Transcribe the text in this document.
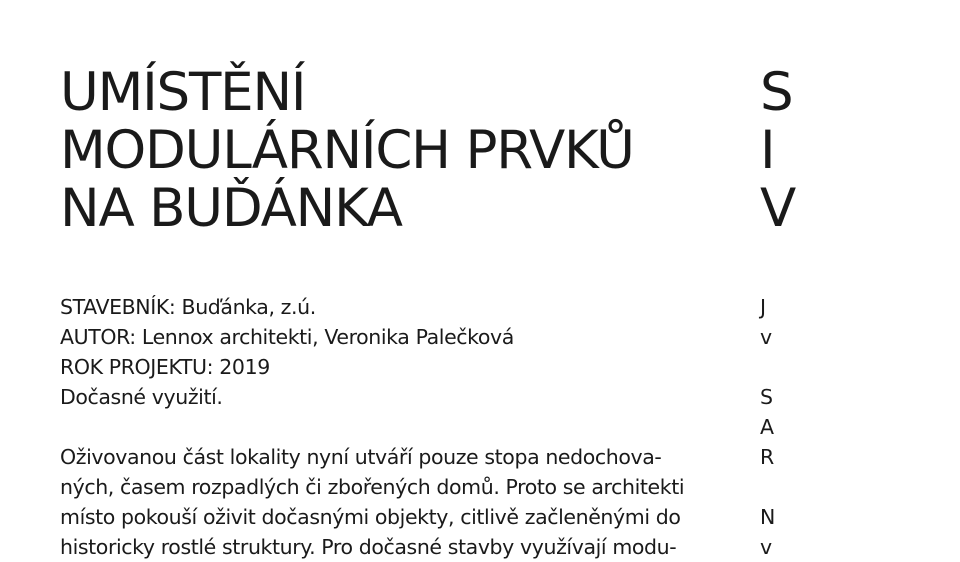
UMÍSTĚNÍ
MODULÁRNÍCH PRVKŮ
NA BUĎÁNKA
STAVEBNÍK: Buďánka, z.ú.
AUTOR: Lennox architekti, Veronika Palečková
ROK PROJEKTU: 2019
Dočasné využití.
Oživovanou část lokality nyní utváří pouze stopa nedochova-
ných, časem rozpadlých či zbořených domů. Proto se architekti
místo pokouší oživit dočasnými objekty, citlivě začleněnými do
historicky rostlé struktury. Pro dočasné stavby využívají modu-
S
I
V
J
v
S
A
R
N
v
